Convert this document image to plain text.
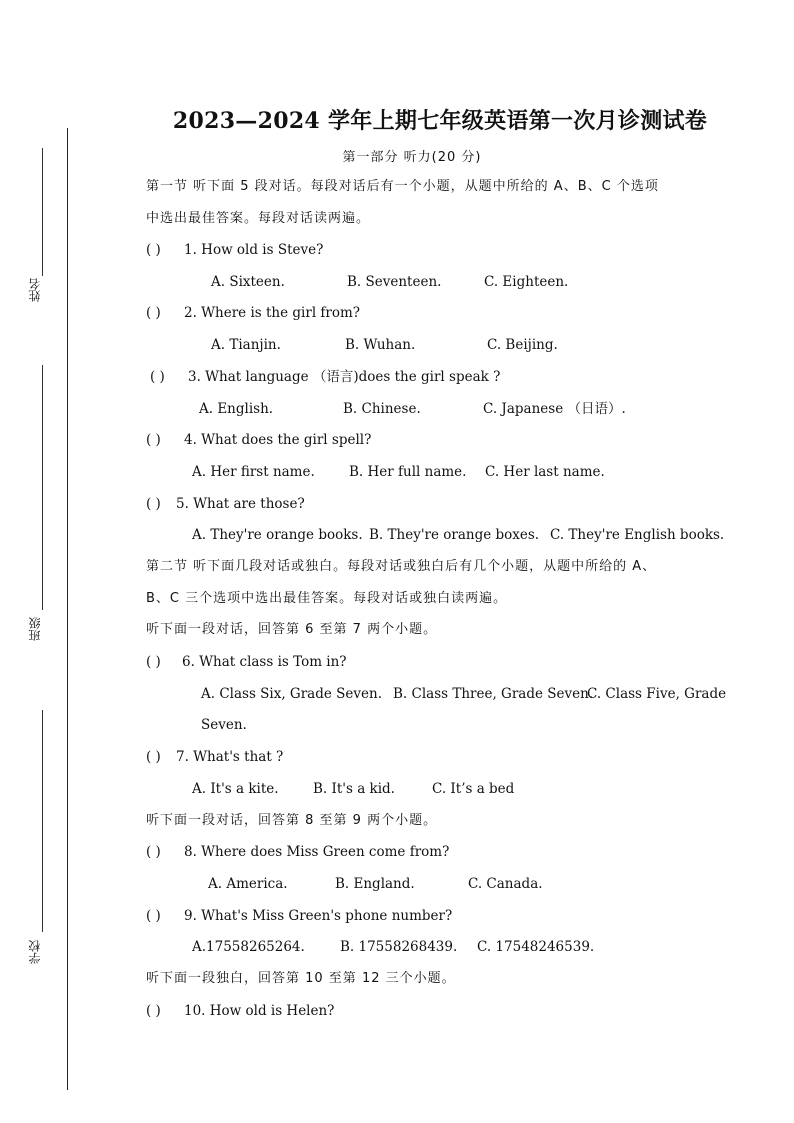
姓名
班级
学校
2023—2024 学年上期七年级英语第一次月诊测试卷
第一部分 听力(20 分)
第一节 听下面 5 段对话。每段对话后有一个小题，从题中所给的 A、B、C 个选项
中选出最佳答案。每段对话读两遍。
( ) 1. How old is Steve?
A. Sixteen.	B. Seventeen.	C. Eighteen.
( ) 2. Where is the girl from?
A. Tianjin.	B. Wuhan.	C. Beijing.
( ) 3. What language （语言)does the girl speak ?
A. English.	B. Chinese.	C. Japanese （日语）.
( ) 4. What does the girl spell?
A. Her first name.	B. Her full name. C. Her last name.
( ) 5. What are those?
A. They're orange books. B. They're orange boxes. C. They're English books.
第二节 听下面几段对话或独白。每段对话或独白后有几个小题，从题中所给的 A、
B、C 三个选项中选出最佳答案。每段对话或独白读两遍。
听下面一段对话，回答第 6 至第 7 两个小题。
( ) 6. What class is Tom in?
A. Class Six, Grade Seven. B. Class Three, Grade Seven.
C. Class Five, Grade
Seven.
( ) 7. What's that ?
A. It's a kite.	B. It's a kid.	C. It’s a bed
听下面一段对话，回答第 8 至第 9 两个小题。
( ) 8. Where does Miss Green come from?
A. America.	B. England.	C. Canada.
( ) 9. What's Miss Green's phone number?
A.17558265264.	B. 17558268439. C. 17548246539.
听下面一段独白，回答第 10 至第 12 三个小题。
( ) 10. How old is Helen?
